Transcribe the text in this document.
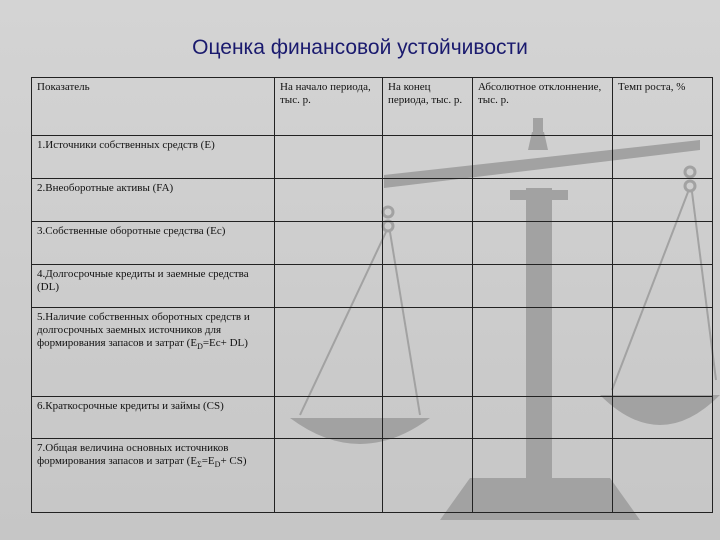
Оценка финансовой устойчивости
Показатель	На начало периода, тыс. р.	На конец периода, тыс. р.	Абсолютное отклоннение, тыс. р.	Темп роста, %
1.Источники собственных средств (E)				
2.Внеоборотные активы (FA)				
3.Собственные оборотные средства (Ec)				
4.Долгосрочные кредиты и заемные средства (DL)				
5.Наличие собственных оборотных средств и долгосрочных заемных источников для формирования запасов и затрат $(E_D=Ec+ DL)$				
6.Краткосрочные кредиты и займы (CS)				
7.Общая величина основных источников формирования запасов и затрат $(E_\Sigma=E_D+ CS)$				
